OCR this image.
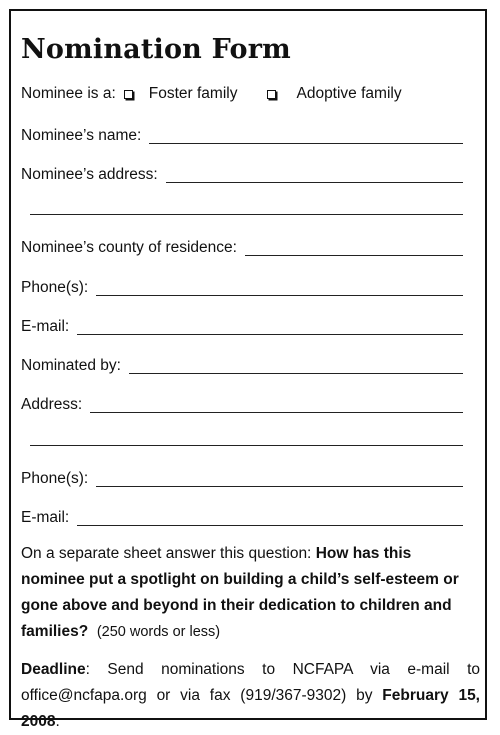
Nomination Form
Nominee is a: Foster family	Adoptive family
Nominee’s name:
Nominee’s address:
Nominee’s county of residence:
Phone(s):
E-mail:
Nominated by:
Address:
Phone(s):
E-mail:
On a separate sheet answer this question: How has this nominee put a spotlight on building a child’s self-esteem or gone above and beyond in their dedication to children and families? (250 words or less)
Deadline: Send nominations to NCFAPA via e-mail to office@ncfapa.org or via fax (919/367-9302) by February 15, 2008.
